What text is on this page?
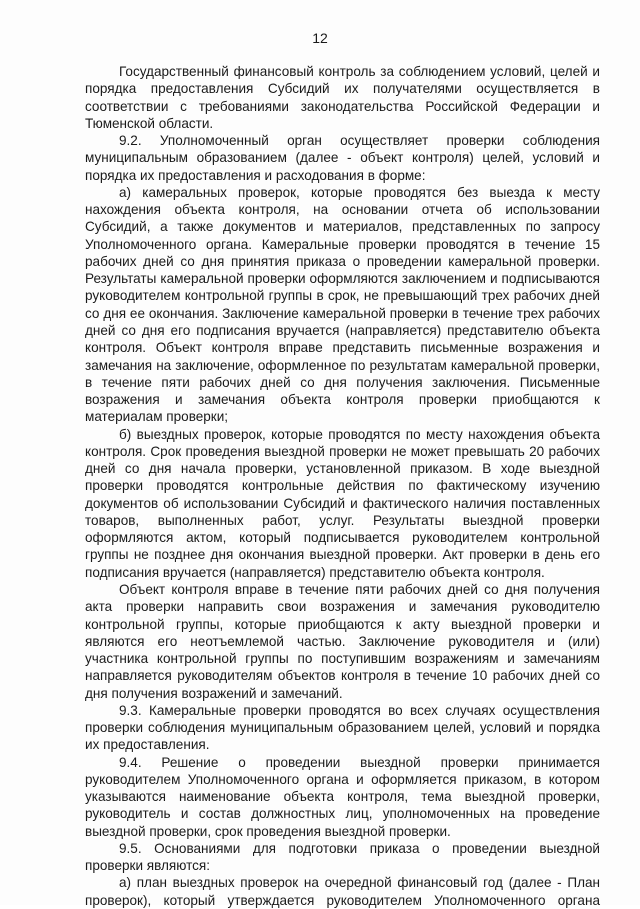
12

Государственный финансовый контроль за соблюдением условий, целей и порядка предоставления Субсидий их получателями осуществляется в соответствии с требованиями законодательства Российской Федерации и Тюменской области.

9.2. Уполномоченный орган осуществляет проверки соблюдения муниципальным образованием (далее - объект контроля) целей, условий и порядка их предоставления и расходования в форме:

а) камеральных проверок, которые проводятся без выезда к месту нахождения объекта контроля, на основании отчета об использовании Субсидий, а также документов и материалов, представленных по запросу Уполномоченного органа. Камеральные проверки проводятся в течение 15 рабочих дней со дня принятия приказа о проведении камеральной проверки. Результаты камеральной проверки оформляются заключением и подписываются руководителем контрольной группы в срок, не превышающий трех рабочих дней со дня ее окончания. Заключение камеральной проверки в течение трех рабочих дней со дня его подписания вручается (направляется) представителю объекта контроля. Объект контроля вправе представить письменные возражения и замечания на заключение, оформленное по результатам камеральной проверки, в течение пяти рабочих дней со дня получения заключения. Письменные возражения и замечания объекта контроля проверки приобщаются к материалам проверки;

б) выездных проверок, которые проводятся по месту нахождения объекта контроля. Срок проведения выездной проверки не может превышать 20 рабочих дней со дня начала проверки, установленной приказом. В ходе выездной проверки проводятся контрольные действия по фактическому изучению документов об использовании Субсидий и фактического наличия поставленных товаров, выполненных работ, услуг. Результаты выездной проверки оформляются актом, который подписывается руководителем контрольной группы не позднее дня окончания выездной проверки. Акт проверки в день его подписания вручается (направляется) представителю объекта контроля.

Объект контроля вправе в течение пяти рабочих дней со дня получения акта проверки направить свои возражения и замечания руководителю контрольной группы, которые приобщаются к акту выездной проверки и являются его неотъемлемой частью. Заключение руководителя и (или) участника контрольной группы по поступившим возражениям и замечаниям направляется руководителям объектов контроля в течение 10 рабочих дней со дня получения возражений и замечаний.

9.3. Камеральные проверки проводятся во всех случаях осуществления проверки соблюдения муниципальным образованием целей, условий и порядка их предоставления.

9.4. Решение о проведении выездной проверки принимается руководителем Уполномоченного органа и оформляется приказом, в котором указываются наименование объекта контроля, тема выездной проверки, руководитель и состав должностных лиц, уполномоченных на проведение выездной проверки, срок проведения выездной проверки.

9.5. Основаниями для подготовки приказа о проведении выездной проверки являются:

а) план выездных проверок на очередной финансовый год (далее - План проверок), который утверждается руководителем Уполномоченного органа
